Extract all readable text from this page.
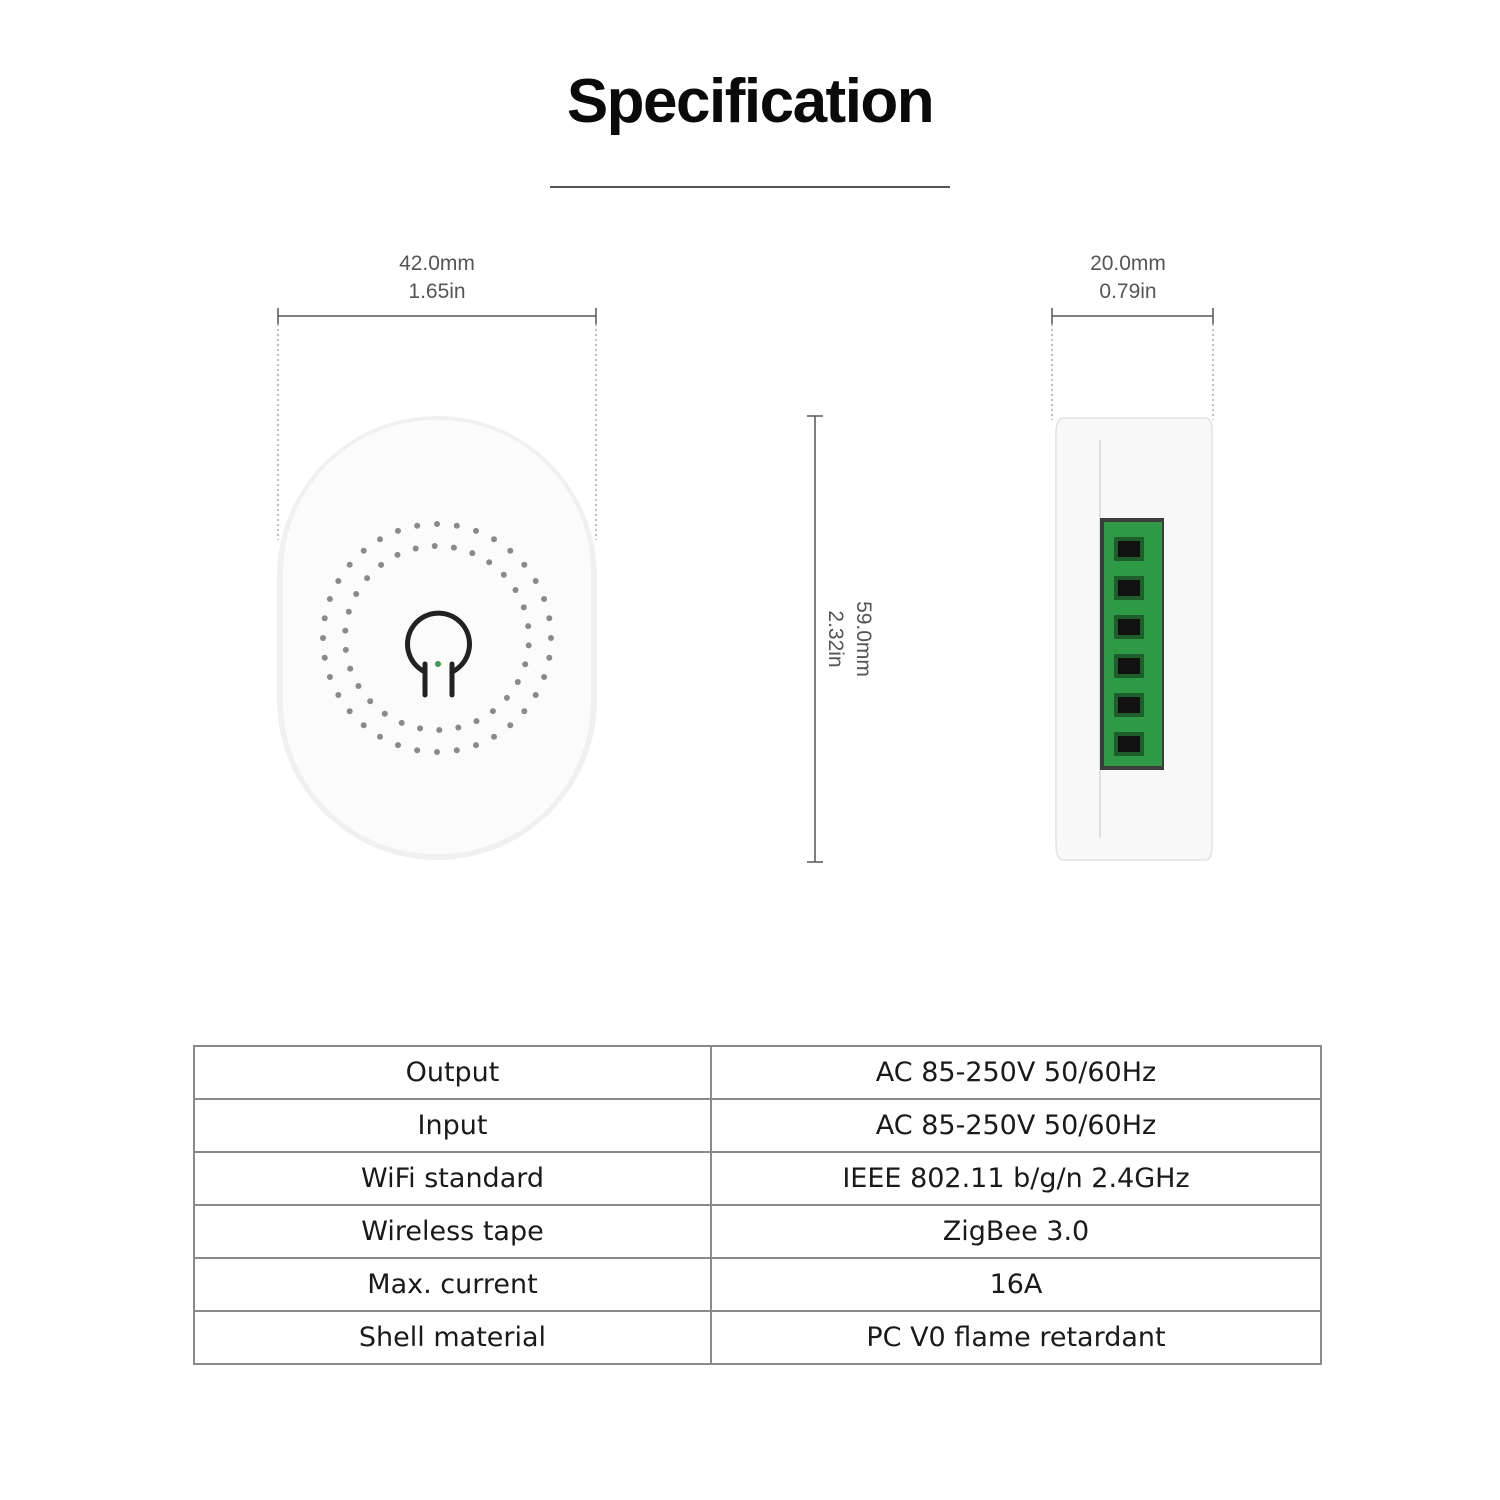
Specification
42.0mm
1.65in
20.0mm
0.79in
59.0mm
2.32in
Output	AC 85-250V 50/60Hz
Input	AC 85-250V 50/60Hz
WiFi standard	IEEE 802.11 b/g/n 2.4GHz
Wireless tape	ZigBee 3.0
Max. current	16A
Shell material	PC V0 flame retardant
